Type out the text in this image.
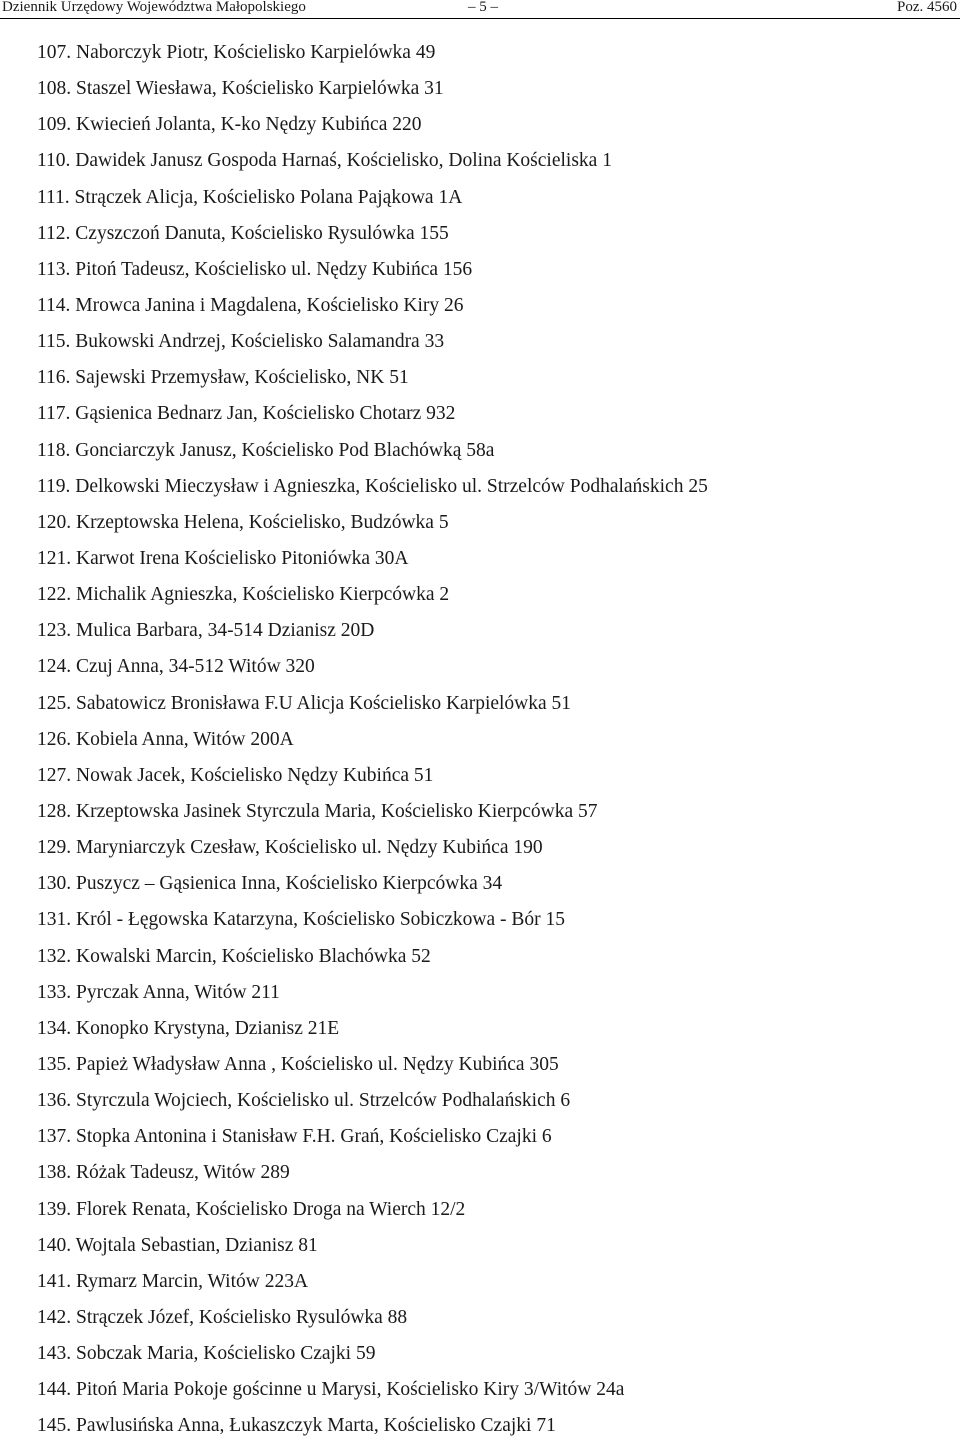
Dziennik Urzędowy Województwa Małopolskiego	– 5 –	Poz. 4560
107. Naborczyk Piotr, Kościelisko Karpielówka 49
108. Staszel Wiesława, Kościelisko Karpielówka 31
109. Kwiecień Jolanta, K-ko Nędzy Kubińca 220
110. Dawidek Janusz Gospoda Harnaś, Kościelisko, Dolina Kościeliska 1
111. Strączek Alicja, Kościelisko Polana Pająkowa 1A
112. Czyszczoń Danuta, Kościelisko Rysulówka 155
113. Pitoń Tadeusz, Kościelisko ul. Nędzy Kubińca 156
114. Mrowca Janina i Magdalena, Kościelisko Kiry 26
115. Bukowski Andrzej, Kościelisko Salamandra 33
116. Sajewski Przemysław, Kościelisko, NK 51
117. Gąsienica Bednarz Jan, Kościelisko Chotarz 932
118. Gonciarczyk Janusz, Kościelisko Pod Blachówką 58a
119. Delkowski Mieczysław i Agnieszka, Kościelisko ul. Strzelców Podhalańskich 25
120. Krzeptowska Helena, Kościelisko, Budzówka 5
121. Karwot Irena Kościelisko Pitoniówka 30A
122. Michalik Agnieszka, Kościelisko Kierpcówka 2
123. Mulica Barbara, 34-514 Dzianisz 20D
124. Czuj Anna, 34-512 Witów 320
125. Sabatowicz Bronisława F.U Alicja Kościelisko Karpielówka 51
126. Kobiela Anna, Witów 200A
127. Nowak Jacek, Kościelisko Nędzy Kubińca 51
128. Krzeptowska Jasinek Styrczula Maria, Kościelisko Kierpcówka 57
129. Maryniarczyk Czesław, Kościelisko ul. Nędzy Kubińca 190
130. Puszycz – Gąsienica Inna, Kościelisko Kierpcówka 34
131. Król - Łęgowska Katarzyna, Kościelisko Sobiczkowa - Bór 15
132. Kowalski Marcin, Kościelisko Blachówka 52
133. Pyrczak Anna, Witów 211
134. Konopko Krystyna, Dzianisz 21E
135. Papież Władysław Anna , Kościelisko ul. Nędzy Kubińca 305
136. Styrczula Wojciech, Kościelisko ul. Strzelców Podhalańskich 6
137. Stopka Antonina i Stanisław F.H. Grań, Kościelisko Czajki 6
138. Różak Tadeusz, Witów 289
139. Florek Renata, Kościelisko Droga na Wierch 12/2
140. Wojtala Sebastian, Dzianisz 81
141. Rymarz Marcin, Witów 223A
142. Strączek Józef, Kościelisko Rysulówka 88
143. Sobczak Maria, Kościelisko Czajki 59
144. Pitoń Maria Pokoje gościnne u Marysi, Kościelisko Kiry 3/Witów 24a
145. Pawlusińska Anna, Łukaszczyk Marta, Kościelisko Czajki 71
